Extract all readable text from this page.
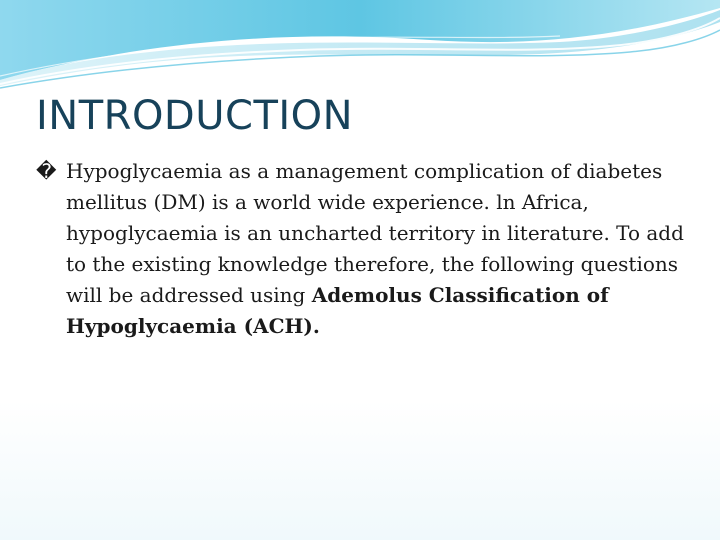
INTRODUCTION

� Hypoglycaemia as a management complication of diabetes mellitus (DM) is a world wide experience. ln Africa, hypoglycaemia is an uncharted territory in literature. To add to the existing knowledge therefore, the following questions will be addressed using Ademolus Classification of Hypoglycaemia (ACH).
